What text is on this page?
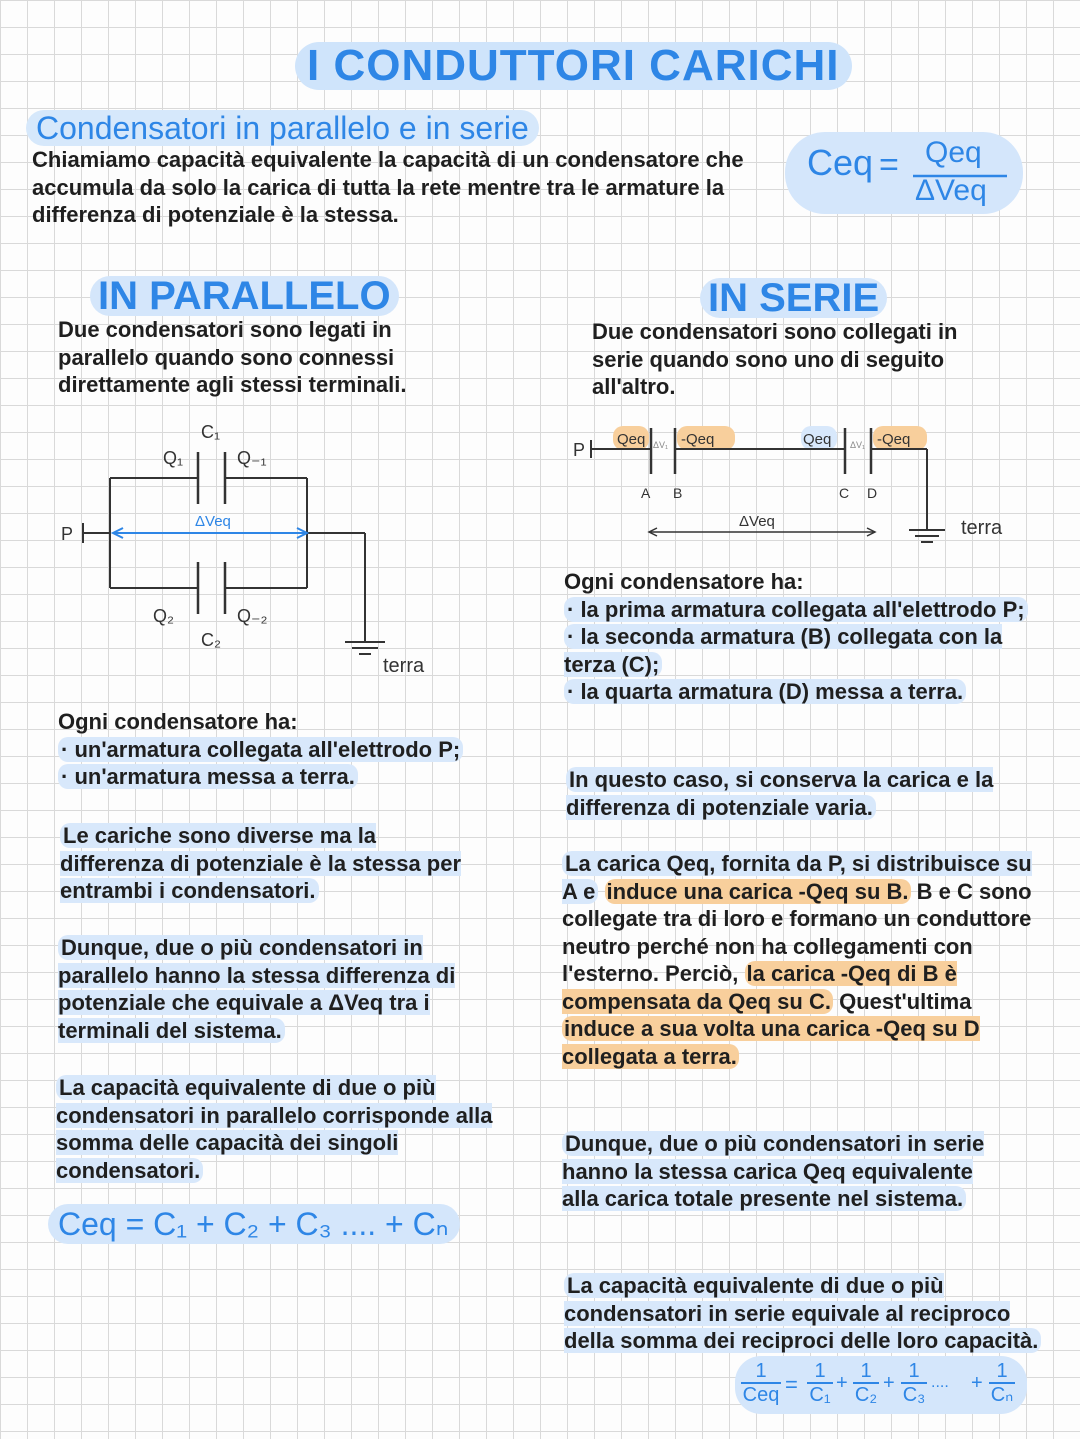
I CONDUTTORI CARICHI
Condensatori in parallelo e in serie
Chiamiamo capacità equivalente la capacità di un condensatore che accumula da solo la carica di tutta la rete mentre tra le armature la differenza di potenziale è la stessa.
Ceq = Qeq
ΔVeq
IN PARALLELO
Due condensatori sono legati in parallelo quando sono connessi direttamente agli stessi terminali.
P
terra
ΔVeq
C₁
Q₁	Q₋₁
Q₂	Q₋₂
C₂
Ogni condensatore ha:
· un'armatura collegata all'elettrodo P;
· un'armatura messa a terra.
Le cariche sono diverse ma la differenza di potenziale è la stessa per entrambi i condensatori.
Dunque, due o più condensatori in parallelo hanno la stessa differenza di potenziale che equivale a ΔVeq tra i terminali del sistema.
La capacità equivalente di due o più condensatori in parallelo corrisponde alla somma delle capacità dei singoli condensatori.
Ceq = C₁ + C₂ + C₃ .... + Cₙ
IN SERIE
Due condensatori sono collegati in serie quando sono uno di seguito all'altro.
P
terra
Qeq ΔV₁ -Qeq	Qeq ΔV₁ -Qeq
A B	C D
ΔVeq
Ogni condensatore ha:
· la prima armatura collegata all'elettrodo P;
· la seconda armatura (B) collegata con la terza (C);
· la quarta armatura (D) messa a terra.
In questo caso, si conserva la carica e la differenza di potenziale varia.
La carica Qeq, fornita da P, si distribuisce su A e induce una carica -Qeq su B. B e C sono collegate tra di loro e formano un conduttore neutro perché non ha collegamenti con l'esterno. Perciò, la carica -Qeq di B è compensata da Qeq su C. Quest'ultima induce a sua volta una carica -Qeq su D collegata a terra.
Dunque, due o più condensatori in serie hanno la stessa carica Qeq equivalente alla carica totale presente nel sistema.
La capacità equivalente di due o più condensatori in serie equivale al reciproco della somma dei reciproci delle loro capacità.
1
Ceq = $\frac{1}{\text{C₁}} + \frac{1}{\text{C₂}} + \frac{1}{\text{C₃}}$ .... + $\frac{1}{\text{Cₙ}}$
